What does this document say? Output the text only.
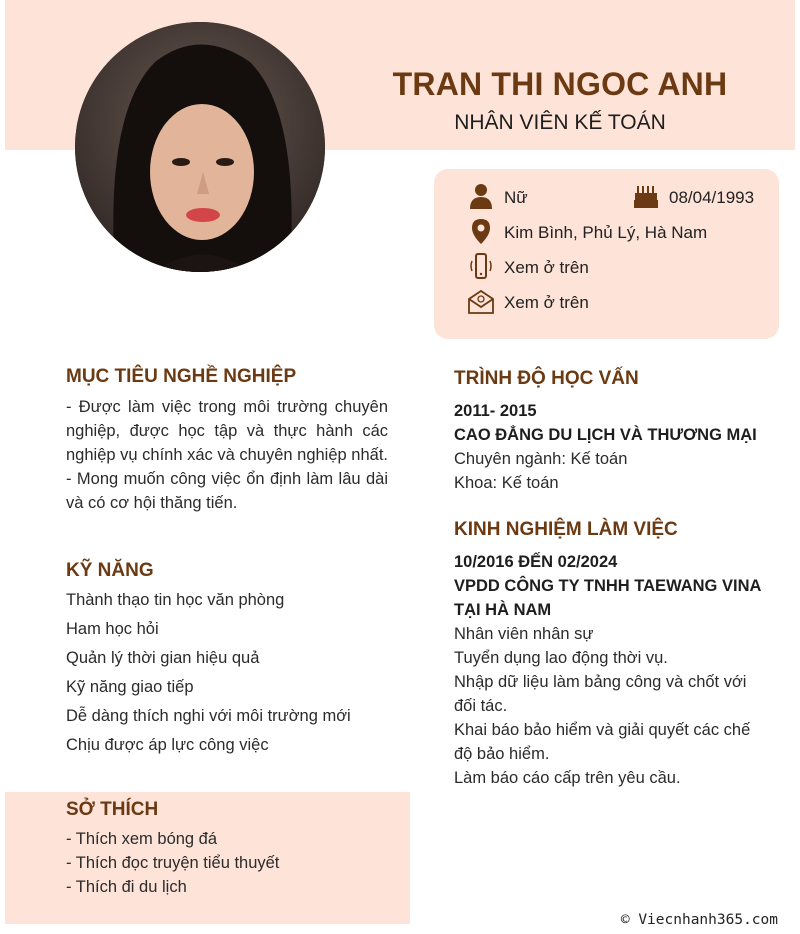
TRAN THI NGOC ANH
NHÂN VIÊN KẾ TOÁN
Nữ	08/04/1993
Kim Bình, Phủ Lý, Hà Nam
Xem ở trên
Xem ở trên
MỤC TIÊU NGHỀ NGHIỆP
- Được làm việc trong môi trường chuyên nghiệp, được học tập và thực hành các nghiệp vụ chính xác và chuyên nghiệp nhất.
- Mong muốn công việc ổn định làm lâu dài và có cơ hội thăng tiến.
KỸ NĂNG
Thành thạo tin học văn phòng
Ham học hỏi
Quản lý thời gian hiệu quả
Kỹ năng giao tiếp
Dễ dàng thích nghi với môi trường mới
Chịu được áp lực công việc
SỞ THÍCH
- Thích xem bóng đá
- Thích đọc truyện tiểu thuyết
- Thích đi du lịch
TRÌNH ĐỘ HỌC VẤN
2011- 2015
CAO ĐẲNG DU LỊCH VÀ THƯƠNG MẠI
Chuyên ngành: Kế toán
Khoa: Kế toán
KINH NGHIỆM LÀM VIỆC
10/2016 ĐẾN 02/2024
VPDD CÔNG TY TNHH TAEWANG VINA
TẠI HÀ NAM
Nhân viên nhân sự
Tuyển dụng lao động thời vụ.
Nhập dữ liệu làm bảng công và chốt với
đối tác.
Khai báo bảo hiểm và giải quyết các chế
độ bảo hiểm.
Làm báo cáo cấp trên yêu cầu.
© Viecnhanh365.com
